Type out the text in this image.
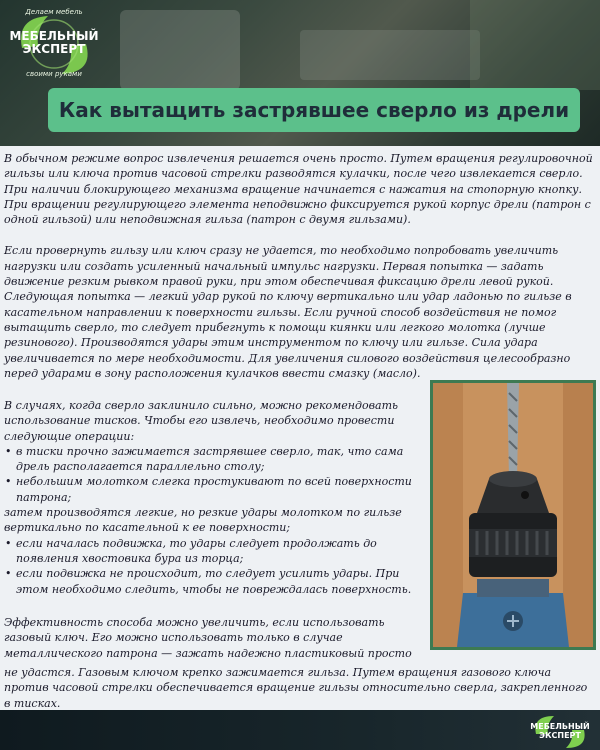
Делаем мебель
МЕБЕЛЬНЫЙ
ЭКСПЕРТ
своими руками
Как вытащить застрявшее сверло из дрели

В обычном режиме вопрос извлечения решается очень просто. Путем вращения регулировочной гильзы или ключа против часовой стрелки разводятся кулачки, после чего извлекается сверло. При наличии блокирующего механизма вращение начинается с нажатия на стопорную кнопку. При вращении регулирующего элемента неподвижно фиксируется рукой корпус дрели (патрон с одной гильзой) или неподвижная гильза (патрон с двумя гильзами).

Если провернуть гильзу или ключ сразу не удается, то необходимо попробовать увеличить нагрузки или создать усиленный начальный импульс нагрузки. Первая попытка — задать движение резким рывком правой руки, при этом обеспечивая фиксацию дрели левой рукой. Следующая попытка — легкий удар рукой по ключу вертикально или удар ладонью по гильзе в касательном направлении к поверхности гильзы. Если ручной способ воздействия не помог вытащить сверло, то следует прибегнуть к помощи киянки или легкого молотка (лучше резинового). Производятся удары этим инструментом по ключу или гильзе. Сила удара увеличивается по мере необходимости. Для увеличения силового воздействия целесообразно перед ударами в зону расположения кулачков ввести смазку (масло).

В случаях, когда сверло заклинило сильно, можно рекомендовать использование тисков. Чтобы его извлечь, необходимо провести следующие операции:

• в тиски прочно зажимается застрявшее сверло, так, что сама дрель располагается параллельно столу;

• небольшим молотком слегка простукивают по всей поверхности патрона;

затем производятся легкие, но резкие удары молотком по гильзе вертикально по касательной к ее поверхности;

• если началась подвижка, то удары следует продолжать до появления хвостовика бура из торца;

• если подвижка не происходит, то следует усилить удары. При этом необходимо следить, чтобы не повреждалась поверхность.

Эффективность способа можно увеличить, если использовать газовый ключ. Его можно использовать только в случае металлического патрона — зажать надежно пластиковый просто

не удастся. Газовым ключом крепко зажимается гильза. Путем вращения газового ключа против часовой стрелки обеспечивается вращение гильзы относительно сверла, закрепленного в тисках.

МЕБЕЛЬНЫЙ
ЭКСПЕРТ
